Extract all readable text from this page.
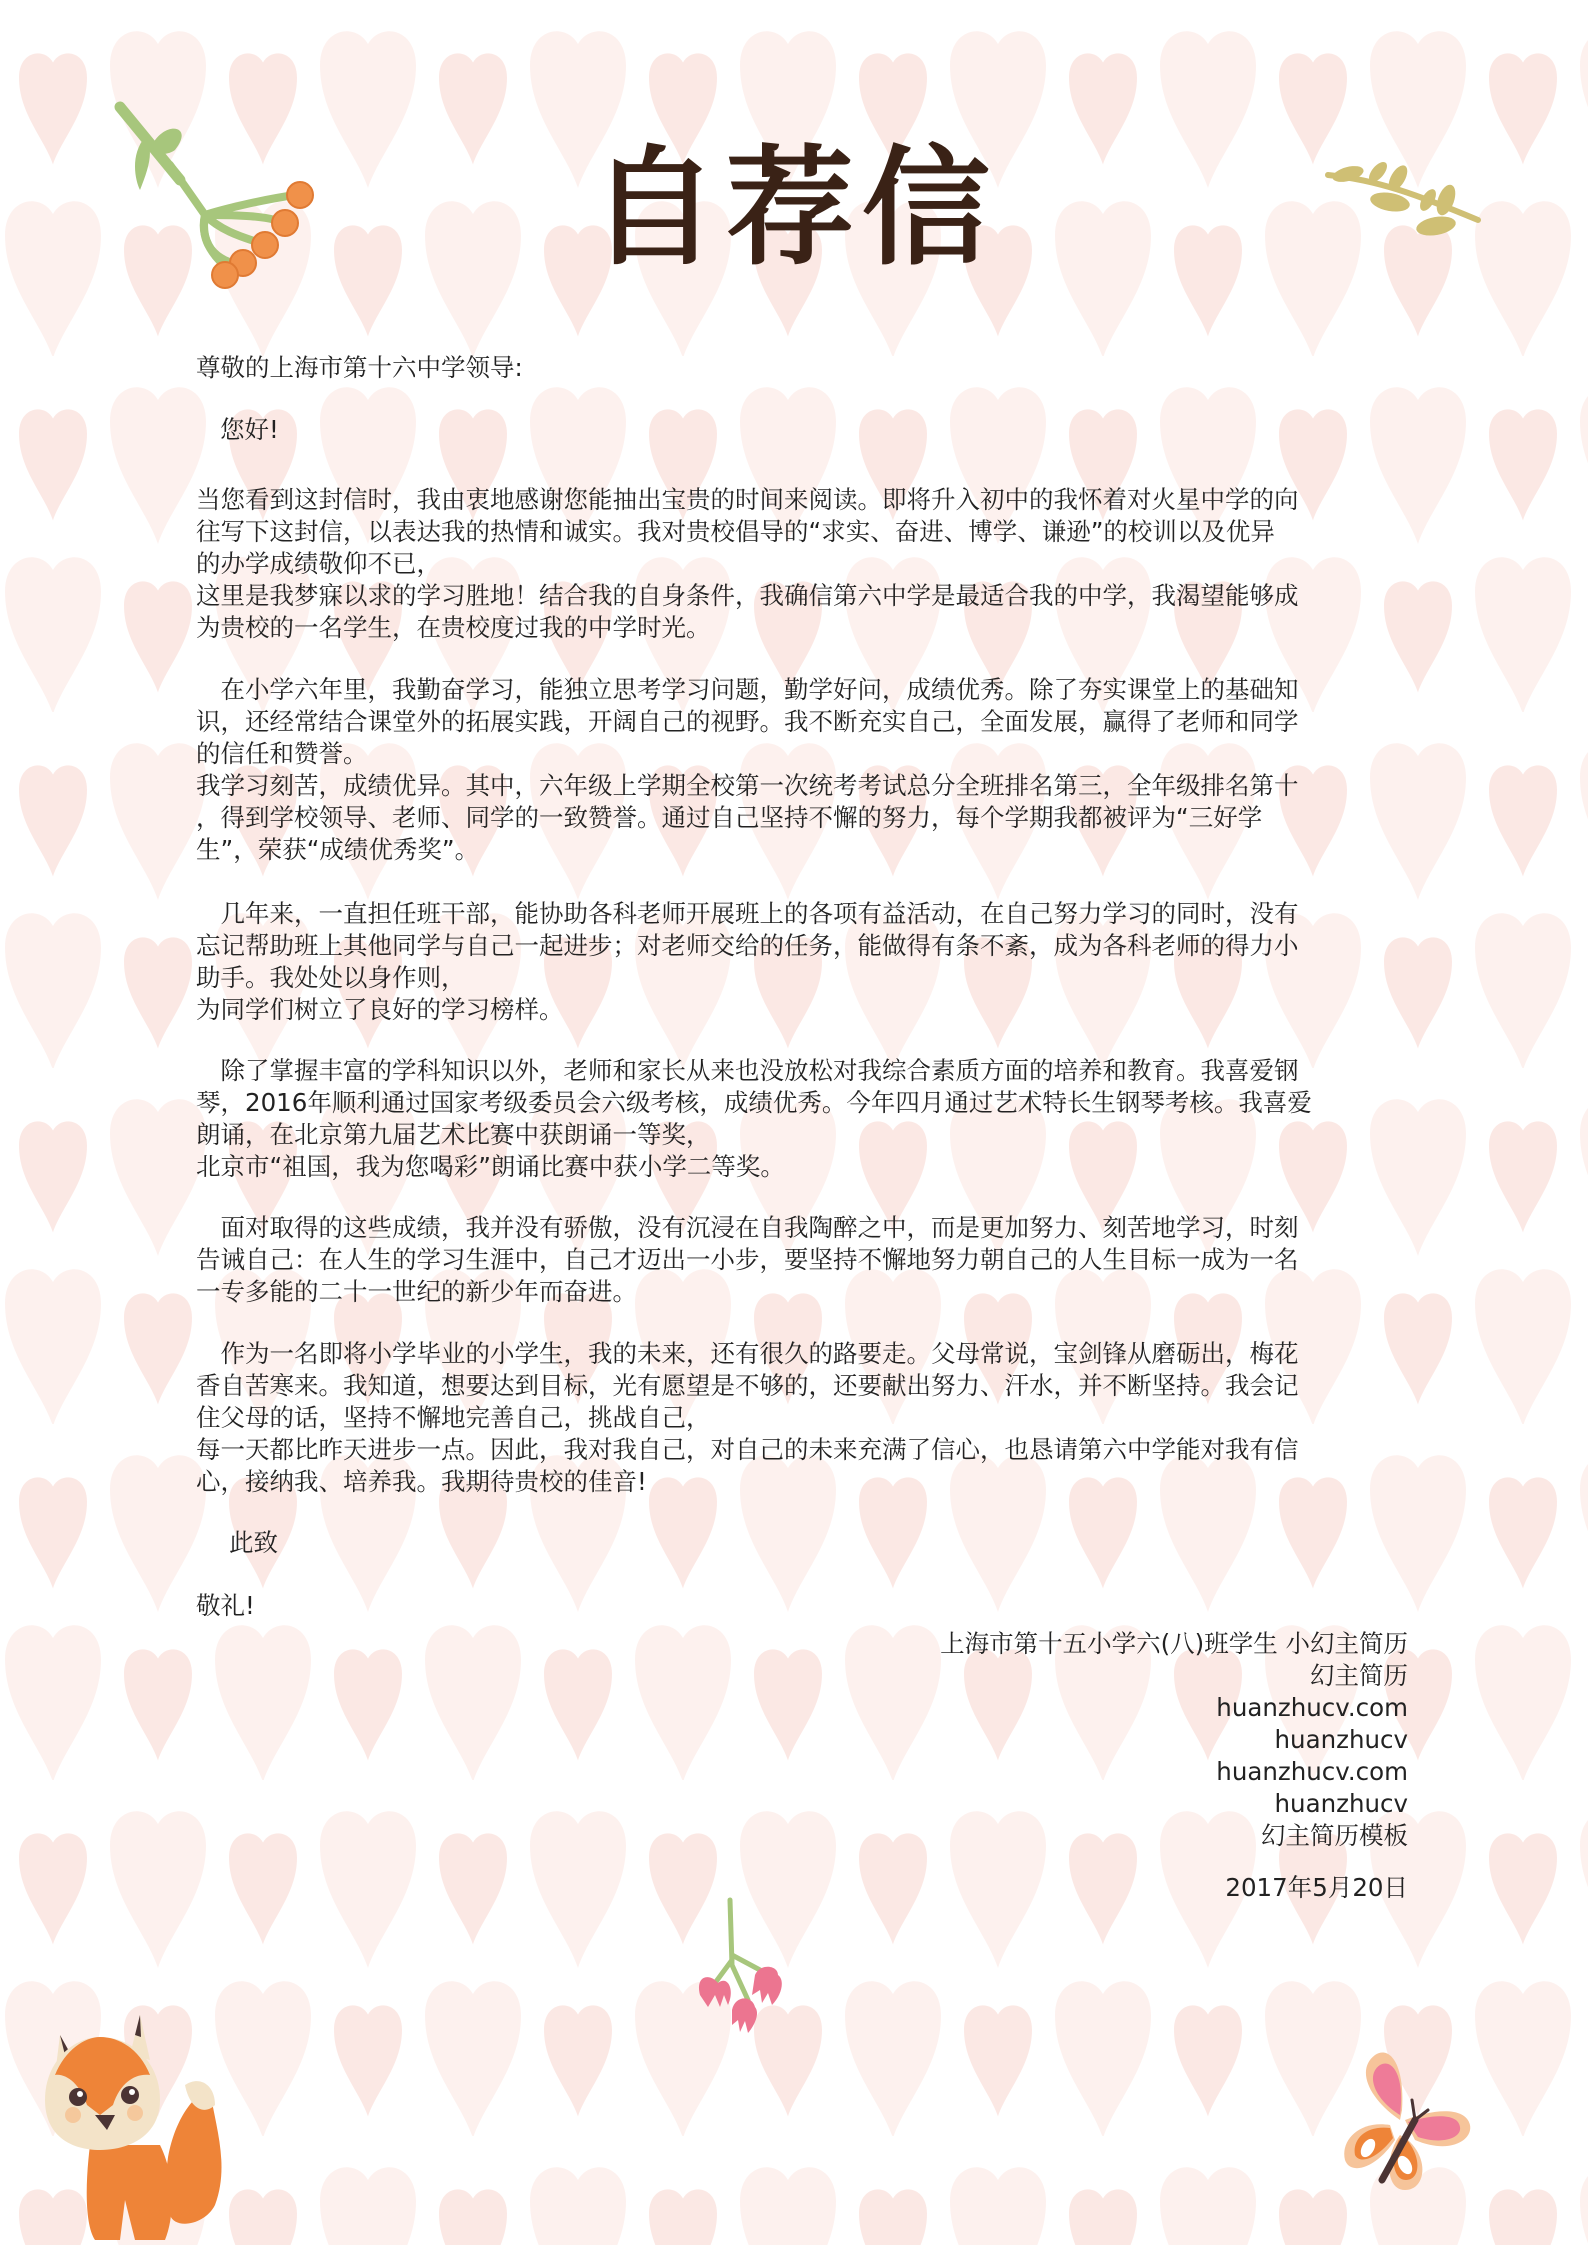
自荐信
尊敬的上海市第十六中学领导:
您好!
当您看到这封信时，我由衷地感谢您能抽出宝贵的时间来阅读。即将升入初中的我怀着对火星中学的向
往写下这封信，以表达我的热情和诚实。我对贵校倡导的“求实、奋进、博学、谦逊”的校训以及优异
的办学成绩敬仰不已，
这里是我梦寐以求的学习胜地！结合我的自身条件，我确信第六中学是最适合我的中学，我渴望能够成
为贵校的一名学生，在贵校度过我的中学时光。
　在小学六年里，我勤奋学习，能独立思考学习问题，勤学好问，成绩优秀。除了夯实课堂上的基础知
识，还经常结合课堂外的拓展实践，开阔自己的视野。我不断充实自己，全面发展，赢得了老师和同学
的信任和赞誉。
我学习刻苦，成绩优异。其中，六年级上学期全校第一次统考考试总分全班排名第三，全年级排名第十
，得到学校领导、老师、同学的一致赞誉。通过自己坚持不懈的努力，每个学期我都被评为“三好学
生”，荣获“成绩优秀奖”。
　几年来，一直担任班干部，能协助各科老师开展班上的各项有益活动，在自己努力学习的同时，没有
忘记帮助班上其他同学与自己一起进步；对老师交给的任务，能做得有条不紊，成为各科老师的得力小
助手。我处处以身作则，
为同学们树立了良好的学习榜样。
　除了掌握丰富的学科知识以外，老师和家长从来也没放松对我综合素质方面的培养和教育。我喜爱钢
琴，2016年顺利通过国家考级委员会六级考核，成绩优秀。今年四月通过艺术特长生钢琴考核。我喜爱
朗诵，在北京第九届艺术比赛中获朗诵一等奖，
北京市“祖国，我为您喝彩”朗诵比赛中获小学二等奖。
　面对取得的这些成绩，我并没有骄傲，没有沉浸在自我陶醉之中，而是更加努力、刻苦地学习，时刻
告诫自己：在人生的学习生涯中，自己才迈出一小步，要坚持不懈地努力朝自己的人生目标一成为一名
一专多能的二十一世纪的新少年而奋进。
　作为一名即将小学毕业的小学生，我的未来，还有很久的路要走。父母常说，宝剑锋从磨砺出，梅花
香自苦寒来。我知道，想要达到目标，光有愿望是不够的，还要献出努力、汗水，并不断坚持。我会记
住父母的话，坚持不懈地完善自己，挑战自己，
每一天都比昨天进步一点。因此，我对我自己，对自己的未来充满了信心，也恳请第六中学能对我有信
心，接纳我、培养我。我期待贵校的佳音!
此致
敬礼!
上海市第十五小学六(八)班学生 小幻主简历
幻主简历
huanzhucv.com
huanzhucv
huanzhucv.com
huanzhucv
幻主简历模板
2017年5月20日
